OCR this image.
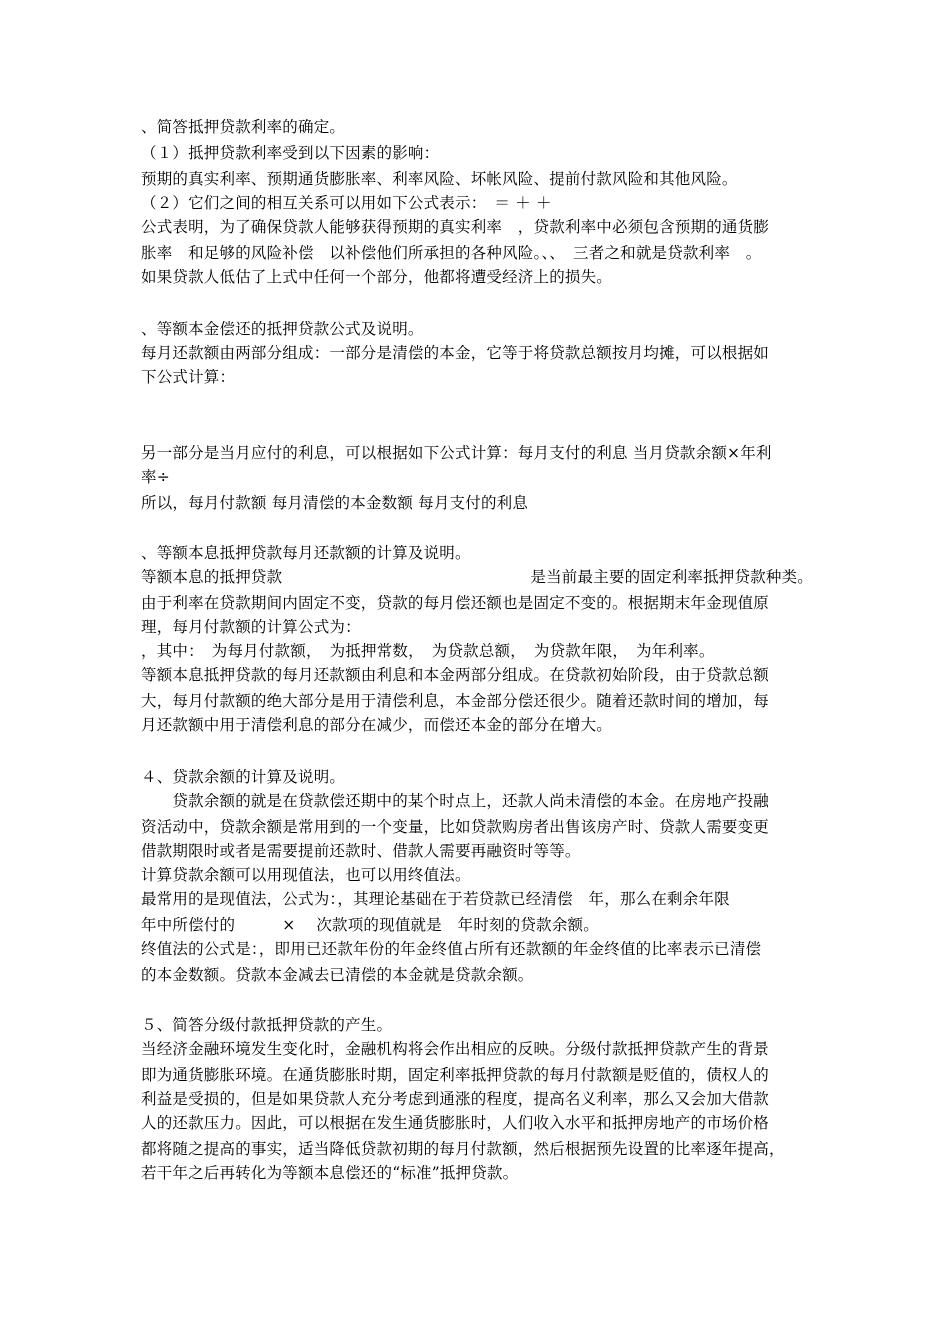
、简答抵押贷款利率的确定。
（１）抵押贷款利率受到以下因素的影响：
预期的真实利率、预期通货膨胀率、利率风险、坏帐风险、提前付款风险和其他风险。
（２）它们之间的相互关系可以用如下公式表示：　＝ ＋ ＋
公式表明，为了确保贷款人能够获得预期的真实利率　，贷款利率中必须包含预期的通货膨
胀率　和足够的风险补偿　以补偿他们所承担的各种风险。、、　三者之和就是贷款利率　。
如果贷款人低估了上式中任何一个部分，他都将遭受经济上的损失。
、等额本金偿还的抵押贷款公式及说明。
每月还款额由两部分组成：一部分是清偿的本金，它等于将贷款总额按月均摊，可以根据如
下公式计算：
另一部分是当月应付的利息，可以根据如下公式计算：每月支付的利息 当月贷款余额×年利
率÷
所以，每月付款额 每月清偿的本金数额 每月支付的利息
、等额本息抵押贷款每月还款额的计算及说明。
等额本息的抵押贷款	是当前最主要的固定利率抵押贷款种类。
由于利率在贷款期间内固定不变，贷款的每月偿还额也是固定不变的。根据期末年金现值原
理，每月付款额的计算公式为：
，其中：　为每月付款额，　为抵押常数，　为贷款总额，　为贷款年限，　为年利率。
等额本息抵押贷款的每月还款额由利息和本金两部分组成。在贷款初始阶段，由于贷款总额
大，每月付款额的绝大部分是用于清偿利息，本金部分偿还很少。随着还款时间的增加，每
月还款额中用于清偿利息的部分在减少，而偿还本金的部分在增大。
４、贷款余额的计算及说明。
　　贷款余额的就是在贷款偿还期中的某个时点上，还款人尚未清偿的本金。在房地产投融
资活动中，贷款余额是常用到的一个变量，比如贷款购房者出售该房产时、贷款人需要变更
借款期限时或者是需要提前还款时、借款人需要再融资时等等。
计算贷款余额可以用现值法，也可以用终值法。
最常用的是现值法，公式为：，其理论基础在于若贷款已经清偿　年，那么在剩余年限
年中所偿付的　　　×　 次款项的现值就是　年时刻的贷款余额。
终值法的公式是：，即用已还款年份的年金终值占所有还款额的年金终值的比率表示已清偿
的本金数额。贷款本金减去已清偿的本金就是贷款余额。
５、简答分级付款抵押贷款的产生。
当经济金融环境发生变化时，金融机构将会作出相应的反映。分级付款抵押贷款产生的背景
即为通货膨胀环境。在通货膨胀时期，固定利率抵押贷款的每月付款额是贬值的，债权人的
利益是受损的，但是如果贷款人充分考虑到通涨的程度，提高名义利率，那么又会加大借款
人的还款压力。因此，可以根据在发生通货膨胀时，人们收入水平和抵押房地产的市场价格
都将随之提高的事实，适当降低贷款初期的每月付款额，然后根据预先设置的比率逐年提高，
若干年之后再转化为等额本息偿还的“标准”抵押贷款。
